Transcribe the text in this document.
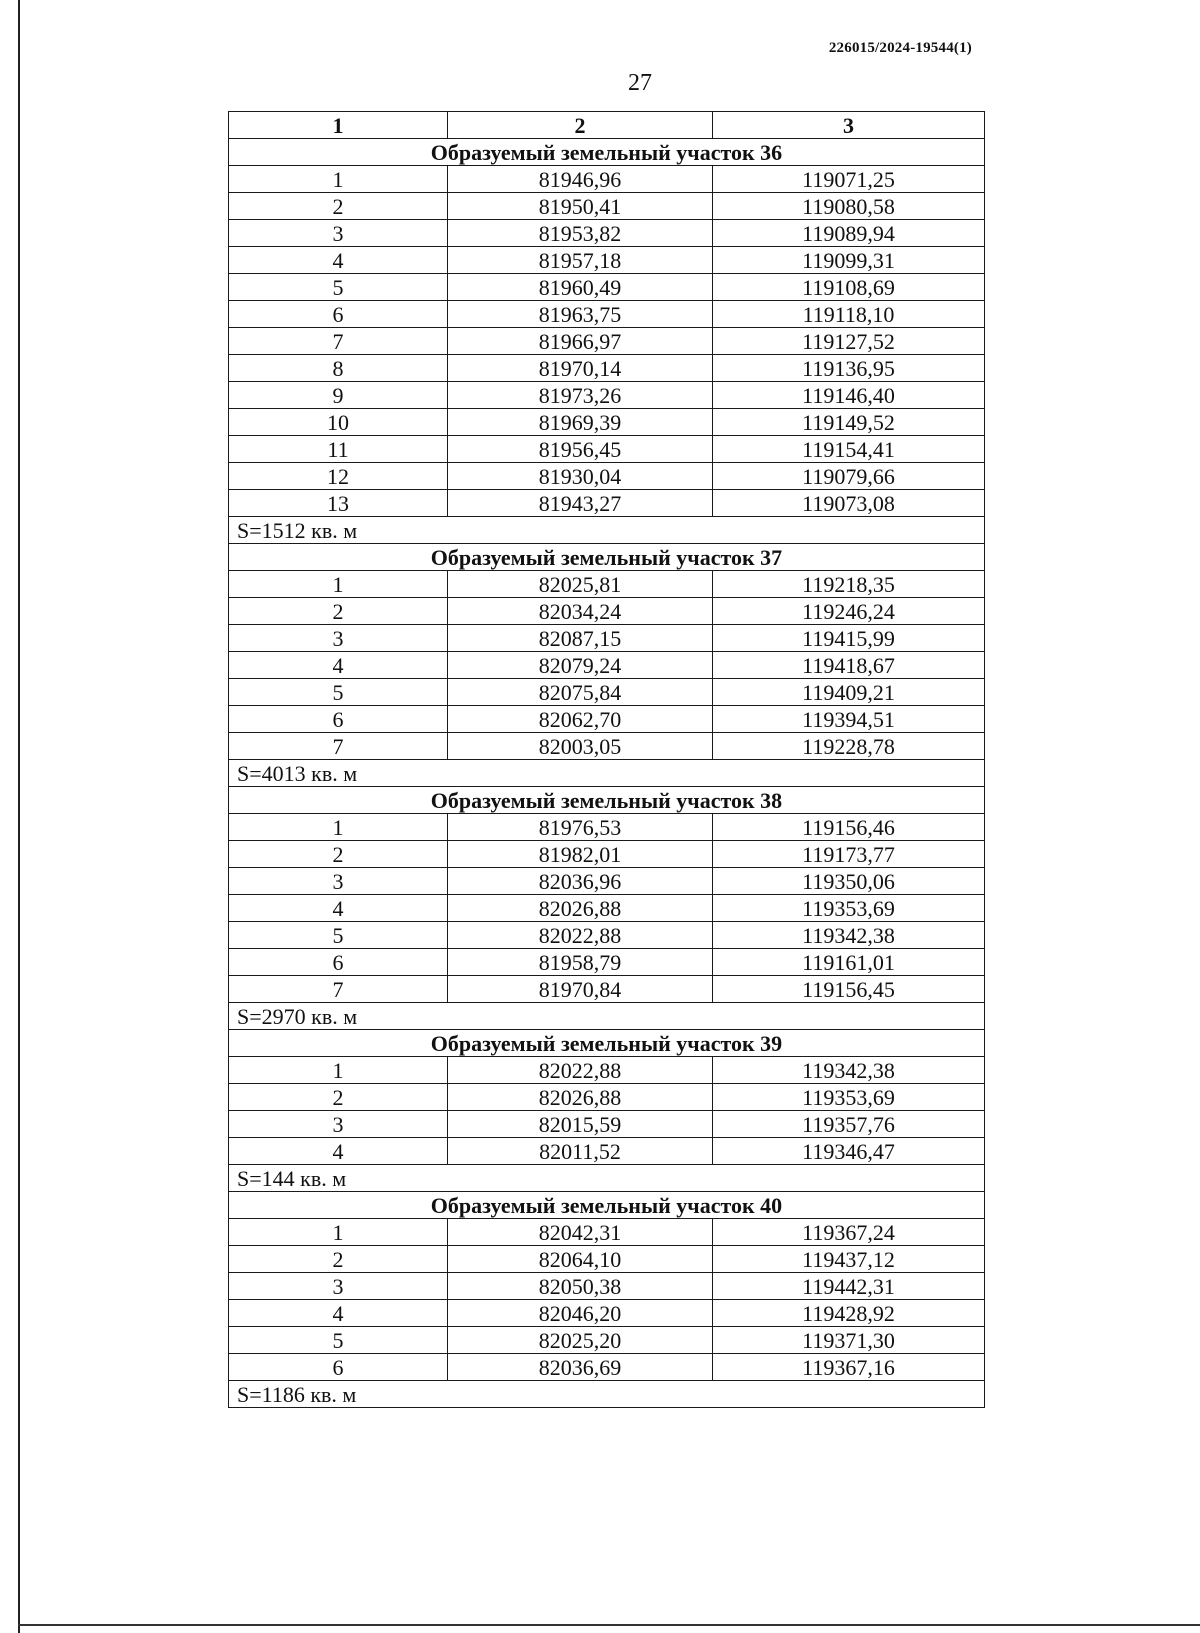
226015/2024-19544(1)
27
1	2	3
Образуемый земельный участок 36		
1	81946,96	119071,25
2	81950,41	119080,58
3	81953,82	119089,94
4	81957,18	119099,31
5	81960,49	119108,69
6	81963,75	119118,10
7	81966,97	119127,52
8	81970,14	119136,95
9	81973,26	119146,40
10	81969,39	119149,52
11	81956,45	119154,41
12	81930,04	119079,66
13	81943,27	119073,08
S=1512 кв. м		
Образуемый земельный участок 37		
1	82025,81	119218,35
2	82034,24	119246,24
3	82087,15	119415,99
4	82079,24	119418,67
5	82075,84	119409,21
6	82062,70	119394,51
7	82003,05	119228,78
S=4013 кв. м		
Образуемый земельный участок 38		
1	81976,53	119156,46
2	81982,01	119173,77
3	82036,96	119350,06
4	82026,88	119353,69
5	82022,88	119342,38
6	81958,79	119161,01
7	81970,84	119156,45
S=2970 кв. м		
Образуемый земельный участок 39		
1	82022,88	119342,38
2	82026,88	119353,69
3	82015,59	119357,76
4	82011,52	119346,47
S=144 кв. м		
Образуемый земельный участок 40		
1	82042,31	119367,24
2	82064,10	119437,12
3	82050,38	119442,31
4	82046,20	119428,92
5	82025,20	119371,30
6	82036,69	119367,16
S=1186 кв. м		
